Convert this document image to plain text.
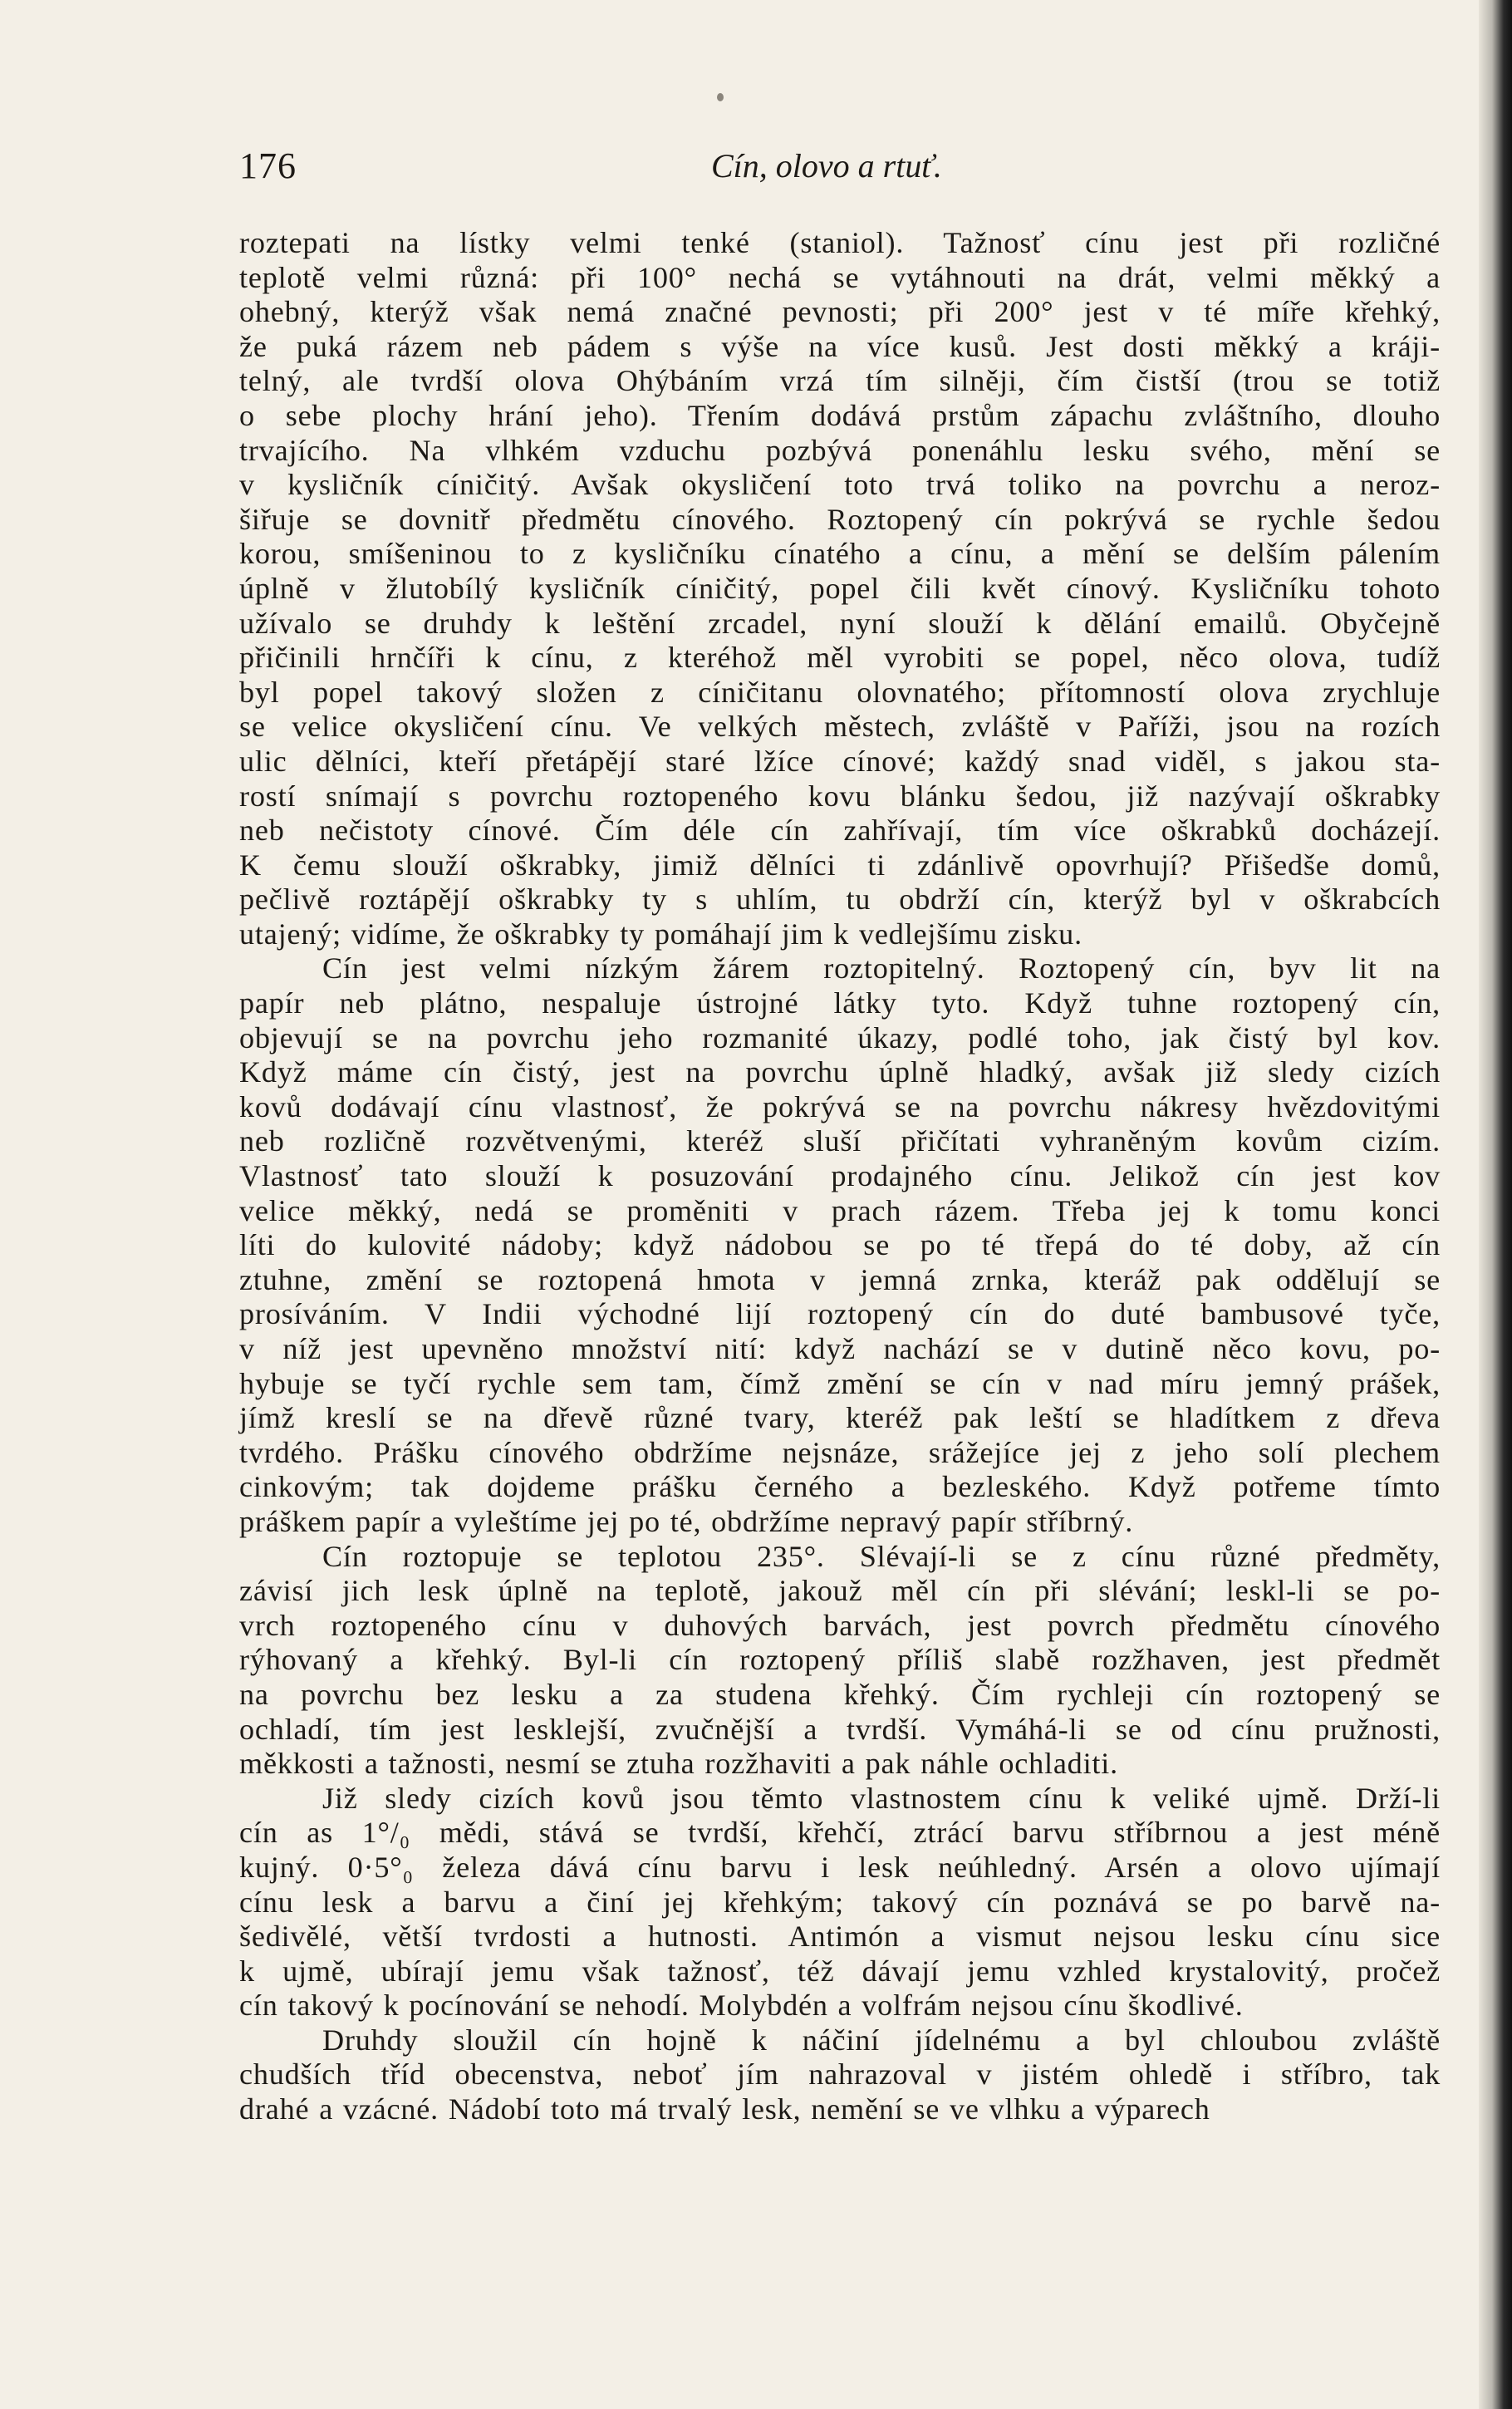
176	Cín, olovo a rtuť.

roztepati na lístky velmi tenké (staniol). Tažnosť cínu jest při rozličné
teplotě velmi různá: při 100° nechá se vytáhnouti na drát, velmi měkký a
ohebný, kterýž však nemá značné pevnosti; při 200° jest v té míře křehký,
že puká rázem neb pádem s výše na více kusů. Jest dosti měkký a kráji-
telný, ale tvrdší olova Ohýbáním vrzá tím silněji, čím čistší (trou se totiž
o sebe plochy hrání jeho). Třením dodává prstům zápachu zvláštního, dlouho
trvajícího. Na vlhkém vzduchu pozbývá ponenáhlu lesku svého, mění se
v kysličník cíničitý. Avšak okysličení toto trvá toliko na povrchu a neroz-
šiřuje se dovnitř předmětu cínového. Roztopený cín pokrývá se rychle šedou
korou, smíšeninou to z kysličníku cínatého a cínu, a mění se delším pálením
úplně v žlutobílý kysličník cíničitý, popel čili květ cínový. Kysličníku tohoto
užívalo se druhdy k leštění zrcadel, nyní slouží k dělání emailů. Obyčejně
přičinili hrnčíři k cínu, z kteréhož měl vyrobiti se popel, něco olova, tudíž
byl popel takový složen z cíničitanu olovnatého; přítomností olova zrychluje
se velice okysličení cínu. Ve velkých městech, zvláště v Paříži, jsou na rozích
ulic dělníci, kteří přetápějí staré lžíce cínové; každý snad viděl, s jakou sta-
rostí snímají s povrchu roztopeného kovu blánku šedou, již nazývají oškrabky
neb nečistoty cínové. Čím déle cín zahřívají, tím více oškrabků docházejí.
K čemu slouží oškrabky, jimiž dělníci ti zdánlivě opovrhují? Přišedše domů,
pečlivě roztápějí oškrabky ty s uhlím, tu obdrží cín, kterýž byl v oškrabcích
utajený; vidíme, že oškrabky ty pomáhají jim k vedlejšímu zisku.

Cín jest velmi nízkým žárem roztopitelný. Roztopený cín, byv lit na
papír neb plátno, nespaluje ústrojné látky tyto. Když tuhne roztopený cín,
objevují se na povrchu jeho rozmanité úkazy, podlé toho, jak čistý byl kov.
Když máme cín čistý, jest na povrchu úplně hladký, avšak již sledy cizích
kovů dodávají cínu vlastnosť, že pokrývá se na povrchu nákresy hvězdovitými
neb rozličně rozvětvenými, kteréž sluší přičítati vyhraněným kovům cizím.
Vlastnosť tato slouží k posuzování prodajného cínu. Jelikož cín jest kov
velice měkký, nedá se proměniti v prach rázem. Třeba jej k tomu konci
líti do kulovité nádoby; když nádobou se po té třepá do té doby, až cín
ztuhne, změní se roztopená hmota v jemná zrnka, kteráž pak oddělují se
prosíváním. V Indii východné lijí roztopený cín do duté bambusové tyče,
v níž jest upevněno množství nití: když nachází se v dutině něco kovu, po-
hybuje se tyčí rychle sem tam, čímž změní se cín v nad míru jemný prášek,
jímž kreslí se na dřevě různé tvary, kteréž pak leští se hladítkem z dřeva
tvrdého. Prášku cínového obdržíme nejsnáze, srážejíce jej z jeho solí plechem
cinkovým; tak dojdeme prášku černého a bezleského. Když potřeme tímto
práškem papír a vyleštíme jej po té, obdržíme nepravý papír stříbrný.

Cín roztopuje se teplotou 235°. Slévají-li se z cínu různé předměty,
závisí jich lesk úplně na teplotě, jakouž měl cín při slévání; leskl-li se po-
vrch roztopeného cínu v duhových barvách, jest povrch předmětu cínového
rýhovaný a křehký. Byl-li cín roztopený příliš slabě rozžhaven, jest předmět
na povrchu bez lesku a za studena křehký. Čím rychleji cín roztopený se
ochladí, tím jest lesklejší, zvučnější a tvrdší. Vymáhá-li se od cínu pružnosti,
měkkosti a tažnosti, nesmí se ztuha rozžhaviti a pak náhle ochladiti.

Již sledy cizích kovů jsou těmto vlastnostem cínu k veliké ujmě. Drží-li
cín as 1°/₀ mědi, stává se tvrdší, křehčí, ztrácí barvu stříbrnou a jest méně
kujný. 0·5°₀ železa dává cínu barvu i lesk neúhledný. Arsén a olovo ujímají
cínu lesk a barvu a činí jej křehkým; takový cín poznává se po barvě na-
šedivělé, větší tvrdosti a hutnosti. Antimón a vismut nejsou lesku cínu sice
k ujmě, ubírají jemu však tažnosť, též dávají jemu vzhled krystalovitý, pročež
cín takový k pocínování se nehodí. Molybdén a volfrám nejsou cínu škodlivé.

Druhdy sloužil cín hojně k náčiní jídelnému a byl chloubou zvláště
chudších tříd obecenstva, neboť jím nahrazoval v jistém ohledě i stříbro, tak
drahé a vzácné. Nádobí toto má trvalý lesk, nemění se ve vlhku a výparech
